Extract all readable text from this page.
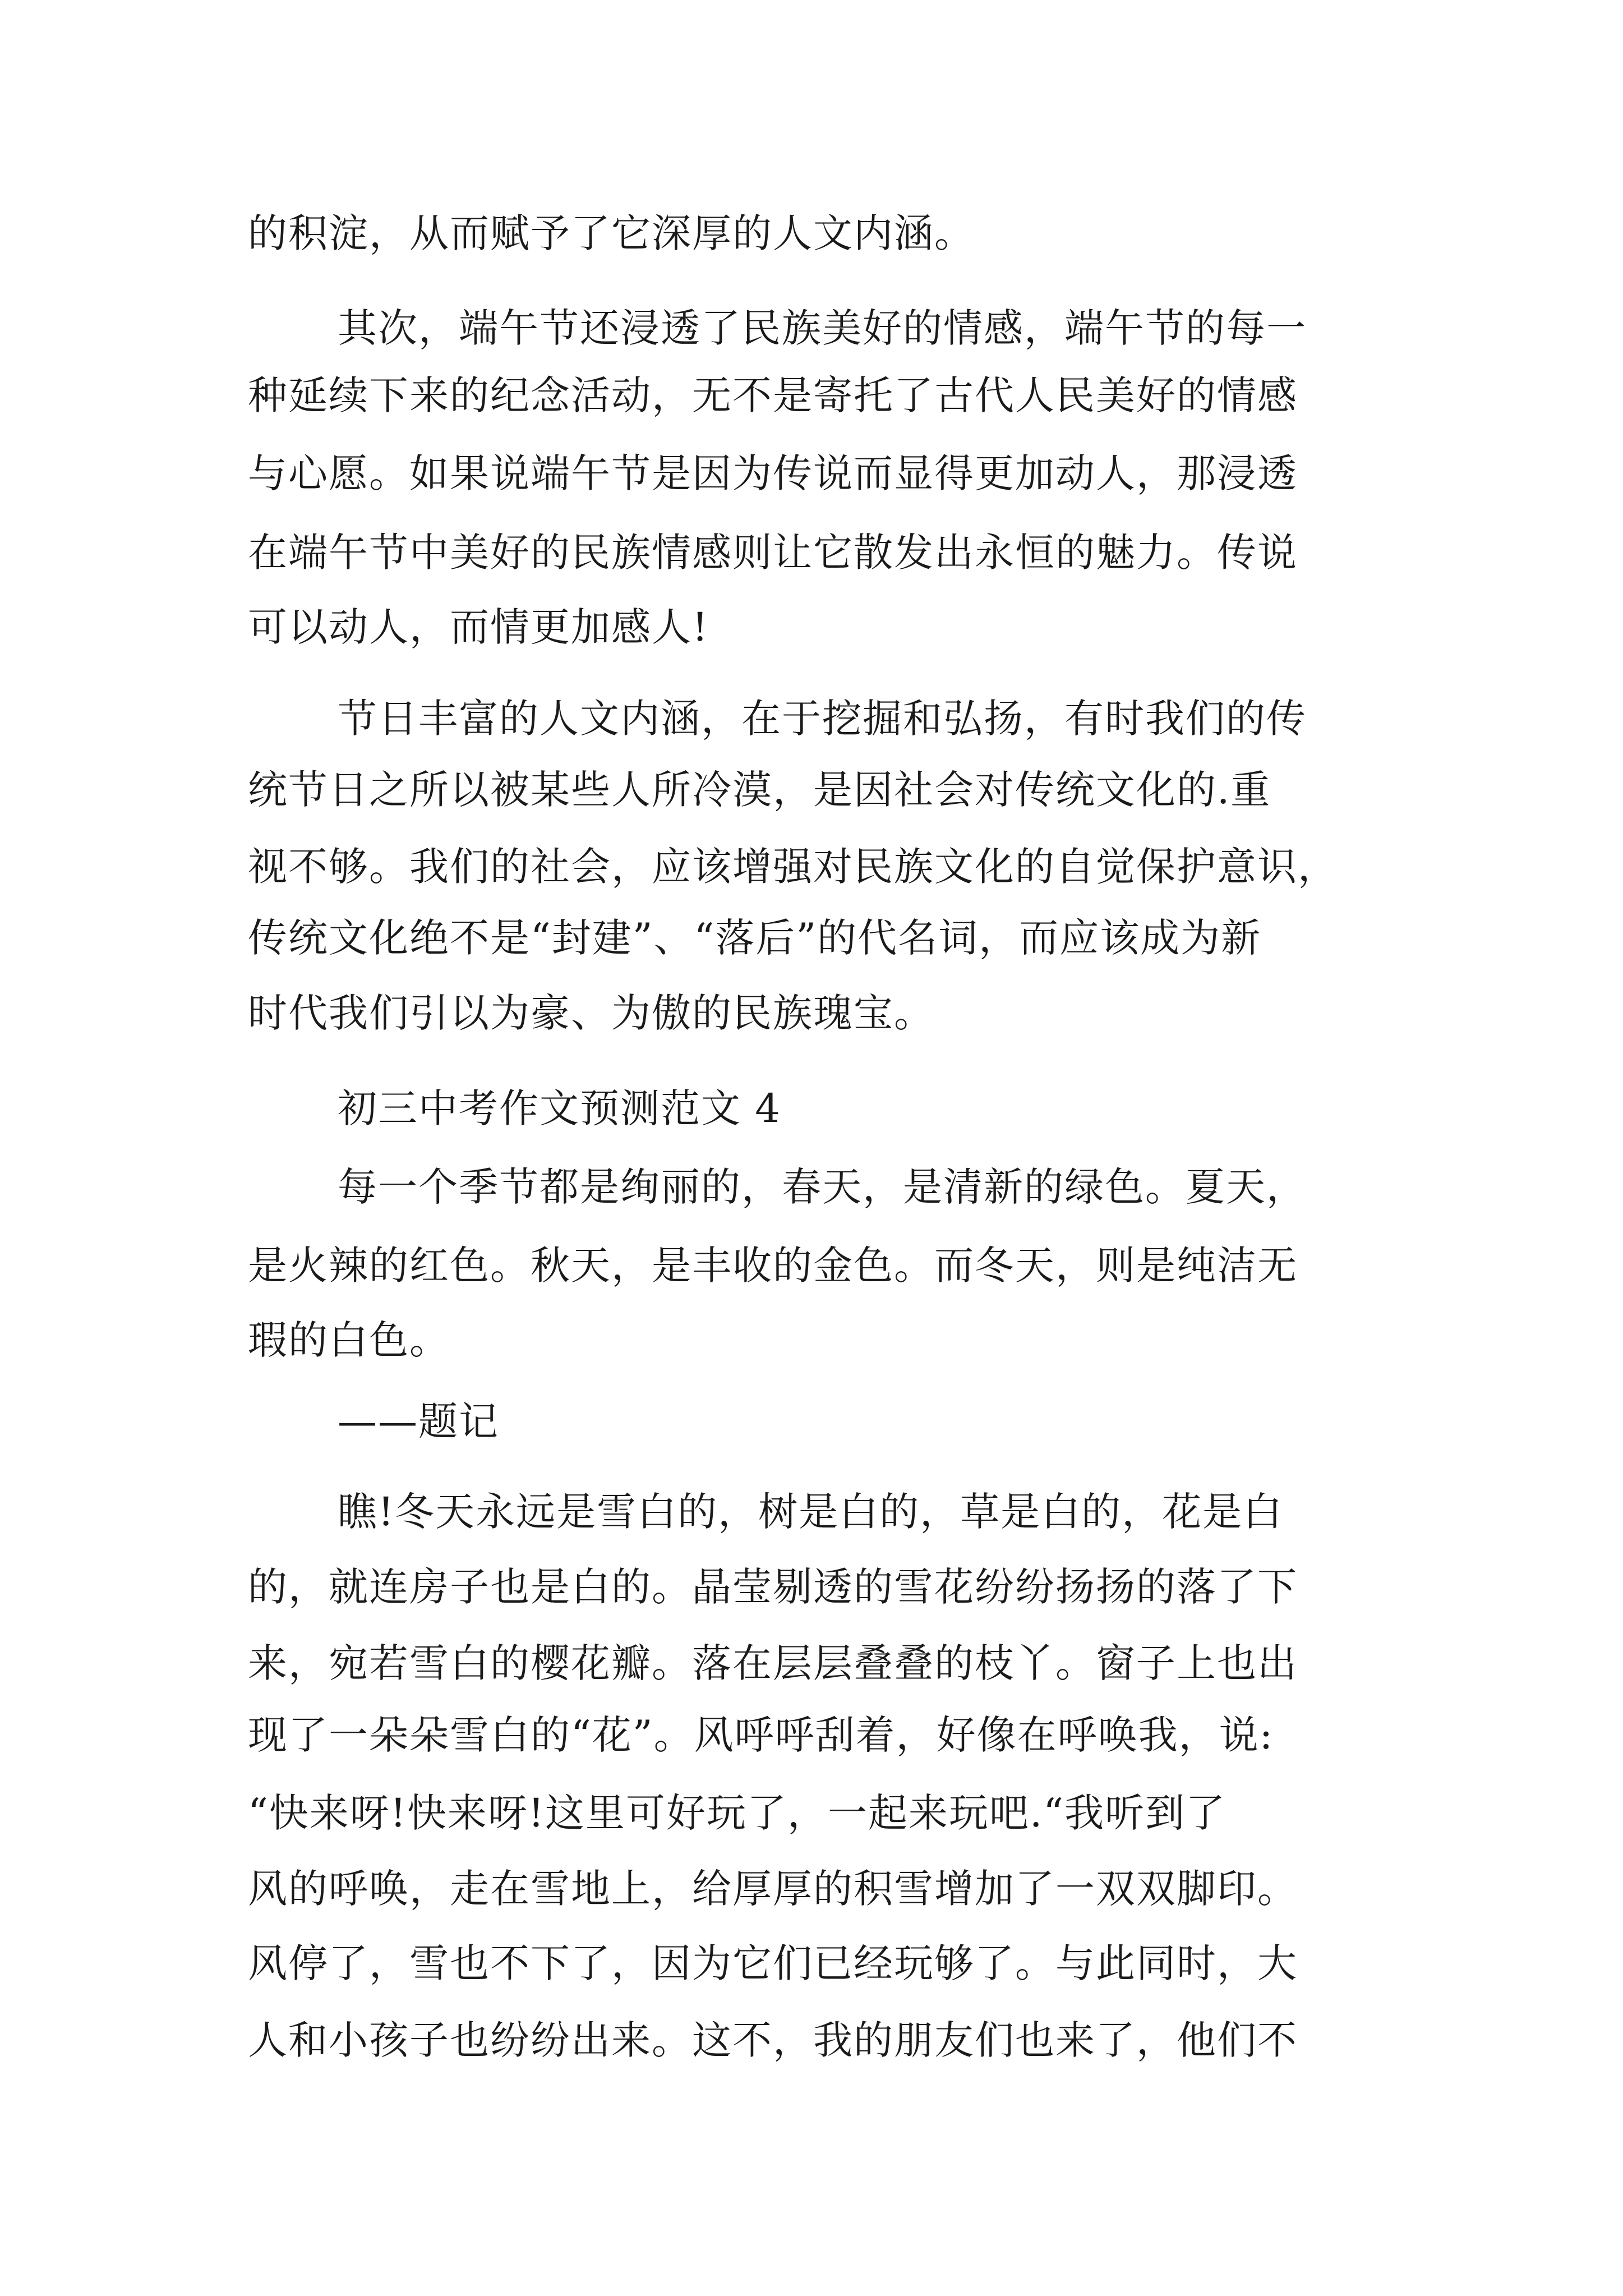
的积淀，从而赋予了它深厚的人文内涵。
其次，端午节还浸透了民族美好的情感，端午节的每一
种延续下来的纪念活动，无不是寄托了古代人民美好的情感
与心愿。如果说端午节是因为传说而显得更加动人，那浸透
在端午节中美好的民族情感则让它散发出永恒的魅力。传说
可以动人，而情更加感人!
节日丰富的人文内涵，在于挖掘和弘扬，有时我们的传
统节日之所以被某些人所冷漠，是因社会对传统文化的.重
视不够。我们的社会，应该增强对民族文化的自觉保护意识，
传统文化绝不是“封建”、“落后”的代名词，而应该成为新
时代我们引以为豪、为傲的民族瑰宝。
初三中考作文预测范文 4
每一个季节都是绚丽的，春天，是清新的绿色。夏天，
是火辣的红色。秋天，是丰收的金色。而冬天，则是纯洁无
瑕的白色。
——题记
瞧!冬天永远是雪白的，树是白的，草是白的，花是白
的，就连房子也是白的。晶莹剔透的雪花纷纷扬扬的落了下
来，宛若雪白的樱花瓣。落在层层叠叠的枝丫。窗子上也出
现了一朵朵雪白的“花”。风呼呼刮着，好像在呼唤我，说:
“快来呀!快来呀!这里可好玩了，一起来玩吧.“我听到了
风的呼唤，走在雪地上，给厚厚的积雪增加了一双双脚印。
风停了，雪也不下了，因为它们已经玩够了。与此同时，大
人和小孩子也纷纷出来。这不，我的朋友们也来了，他们不
